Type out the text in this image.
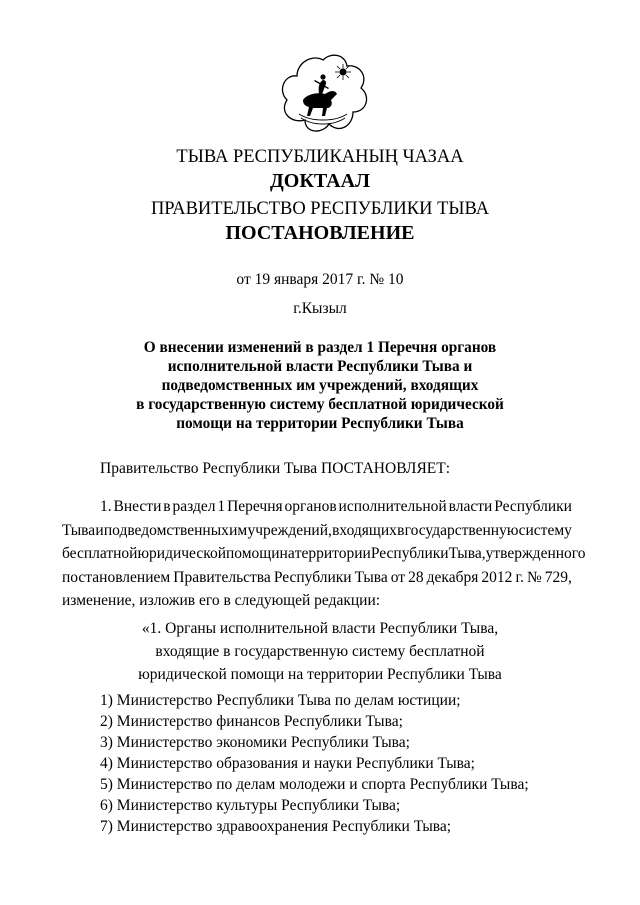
ТЫВА РЕСПУБЛИКАНЫҢ ЧАЗАА
ДОКТААЛ
ПРАВИТЕЛЬСТВО РЕСПУБЛИКИ ТЫВА
ПОСТАНОВЛЕНИЕ
от 19 января 2017 г. № 10
г.Кызыл
О внесении изменений в раздел 1 Перечня органов
исполнительной власти Республики Тыва и
подведомственных им учреждений, входящих
в государственную систему бесплатной юридической
помощи на территории Республики Тыва
Правительство Республики Тыва ПОСТАНОВЛЯЕТ:
1. Внести в раздел 1 Перечня органов исполнительной власти Республики
Тыва и подведомственных им учреждений, входящих в государственную систему
бесплатной юридической помощи на территории Республики Тыва, утвержденного
постановлением Правительства Республики Тыва от 28 декабря 2012 г. № 729,
изменение, изложив его в следующей редакции:
«1. Органы исполнительной власти Республики Тыва,
входящие в государственную систему бесплатной
юридической помощи на территории Республики Тыва
1) Министерство Республики Тыва по делам юстиции;
2) Министерство финансов Республики Тыва;
3) Министерство экономики Республики Тыва;
4) Министерство образования и науки Республики Тыва;
5) Министерство по делам молодежи и спорта Республики Тыва;
6) Министерство культуры Республики Тыва;
7) Министерство здравоохранения Республики Тыва;
